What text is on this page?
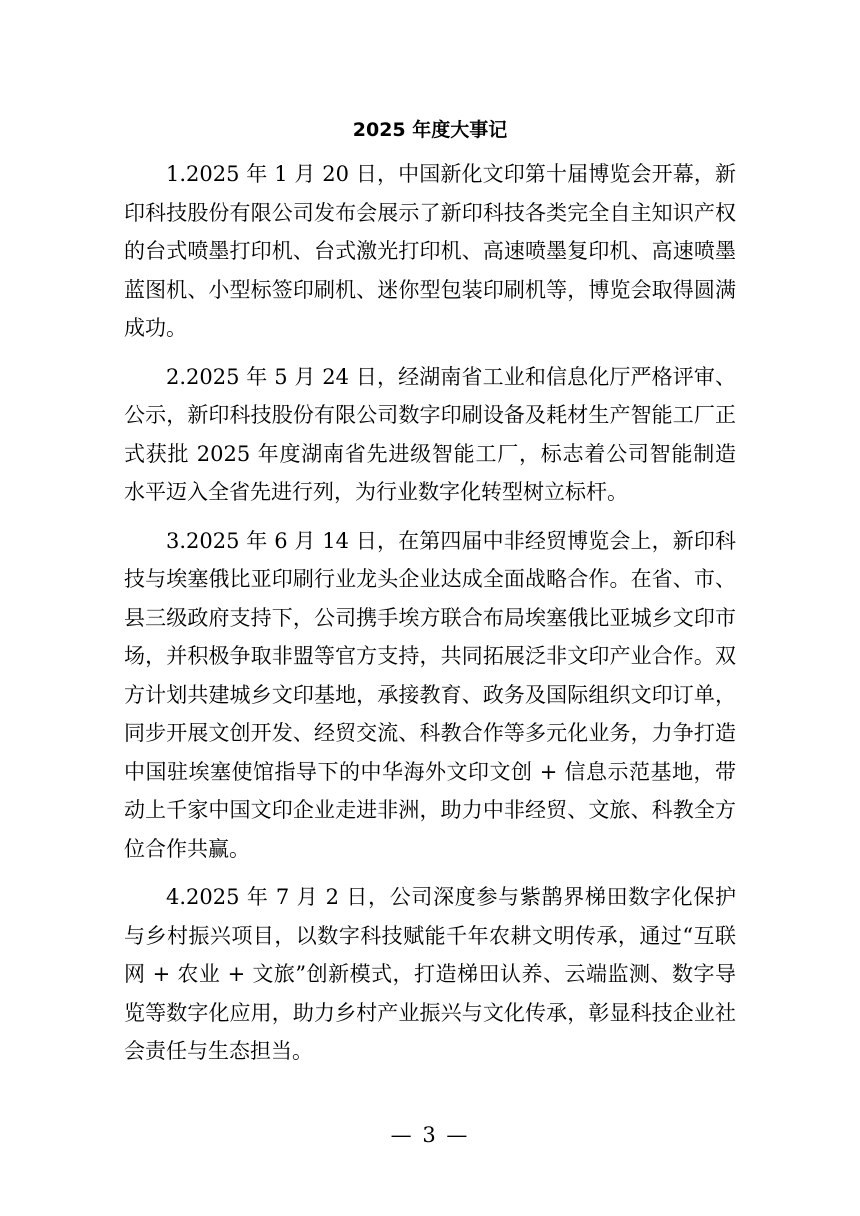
2025 年度大事记

1.2025 年 1 月 20 日，中国新化文印第十届博览会开幕，新印科技股份有限公司发布会展示了新印科技各类完全自主知识产权的台式喷墨打印机、台式激光打印机、高速喷墨复印机、高速喷墨蓝图机、小型标签印刷机、迷你型包装印刷机等，博览会取得圆满成功。

2.2025 年 5 月 24 日，经湖南省工业和信息化厅严格评审、公示，新印科技股份有限公司数字印刷设备及耗材生产智能工厂正式获批 2025 年度湖南省先进级智能工厂，标志着公司智能制造水平迈入全省先进行列，为行业数字化转型树立标杆。

3.2025 年 6 月 14 日，在第四届中非经贸博览会上，新印科技与埃塞俄比亚印刷行业龙头企业达成全面战略合作。在省、市、县三级政府支持下，公司携手埃方联合布局埃塞俄比亚城乡文印市场，并积极争取非盟等官方支持，共同拓展泛非文印产业合作。双方计划共建城乡文印基地，承接教育、政务及国际组织文印订单，同步开展文创开发、经贸交流、科教合作等多元化业务，力争打造中国驻埃塞使馆指导下的中华海外文印文创 + 信息示范基地，带动上千家中国文印企业走进非洲，助力中非经贸、文旅、科教全方位合作共赢。

4.2025 年 7 月 2 日，公司深度参与紫鹊界梯田数字化保护与乡村振兴项目，以数字科技赋能千年农耕文明传承，通过“互联网 + 农业 + 文旅”创新模式，打造梯田认养、云端监测、数字导览等数字化应用，助力乡村产业振兴与文化传承，彰显科技企业社会责任与生态担当。

— 3 —
